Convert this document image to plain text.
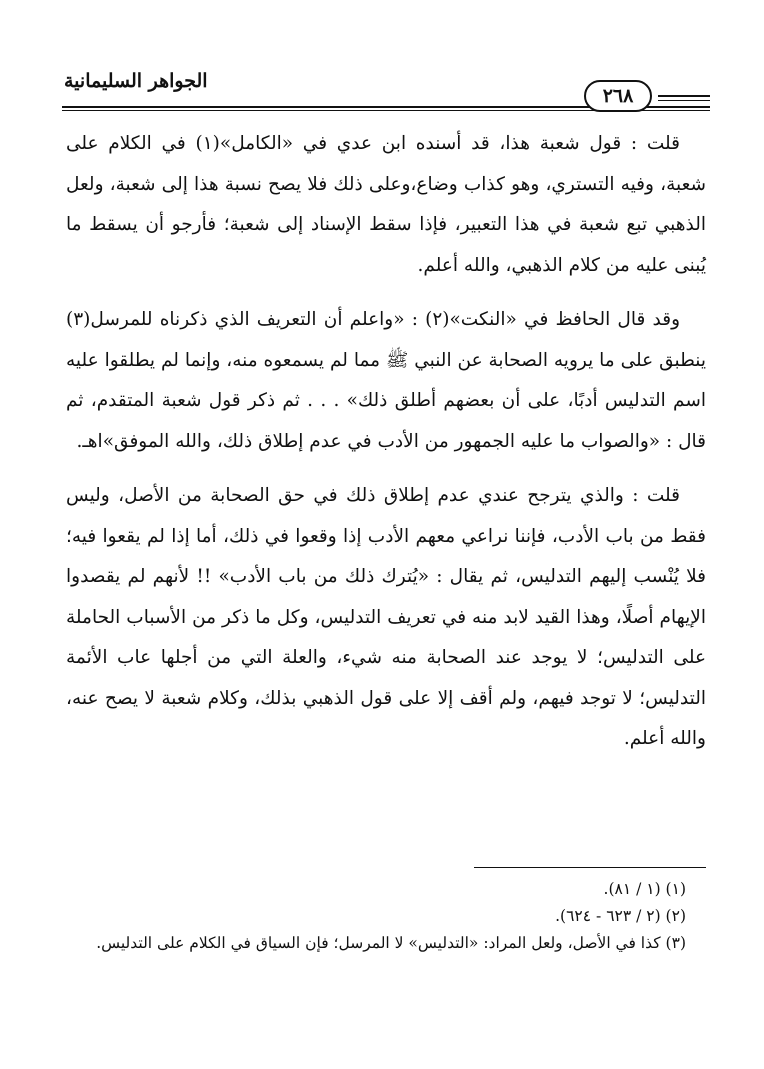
الجواهر السليمانية
٢٦٨

قلت : قول شعبة هذا، قد أسنده ابن عدي في «الكامل»(١) في الكلام على شعبة، وفيه التستري، وهو كذاب وضاع،وعلى ذلك فلا يصح نسبة هذا إلى شعبة، ولعل الذهبي تبع شعبة في هذا التعبير، فإذا سقط الإسناد إلى شعبة؛ فأرجو أن يسقط ما يُبنى عليه من كلام الذهبي، والله أعلم.

وقد قال الحافظ في «النكت»(٢) : «واعلم أن التعريف الذي ذكرناه للمرسل(٣) ينطبق على ما يرويه الصحابة عن النبي ﷺ مما لم يسمعوه منه، وإنما لم يطلقوا عليه اسم التدليس أدبًا، على أن بعضهم أطلق ذلك» . . . ثم ذكر قول شعبة المتقدم، ثم قال : «والصواب ما عليه الجمهور من الأدب في عدم إطلاق ذلك، والله الموفق»اهـ.

قلت : والذي يترجح عندي عدم إطلاق ذلك في حق الصحابة من الأصل، وليس فقط من باب الأدب، فإننا نراعي معهم الأدب إذا وقعوا في ذلك، أما إذا لم يقعوا فيه؛ فلا يُنْسب إليهم التدليس، ثم يقال : «يُترك ذلك من باب الأدب» !! لأنهم لم يقصدوا الإيهام أصلًا، وهذا القيد لابد منه في تعريف التدليس، وكل ما ذكر من الأسباب الحاملة على التدليس؛ لا يوجد عند الصحابة منه شيء، والعلة التي من أجلها عاب الأئمة التدليس؛ لا توجد فيهم، ولم أقف إلا على قول الذهبي بذلك، وكلام شعبة لا يصح عنه، والله أعلم.

(١) (١ / ٨١).

(٢) (٢ / ٦٢٣ - ٦٢٤).

(٣) كذا في الأصل، ولعل المراد: «التدليس» لا المرسل؛ فإن السياق في الكلام على التدليس.
